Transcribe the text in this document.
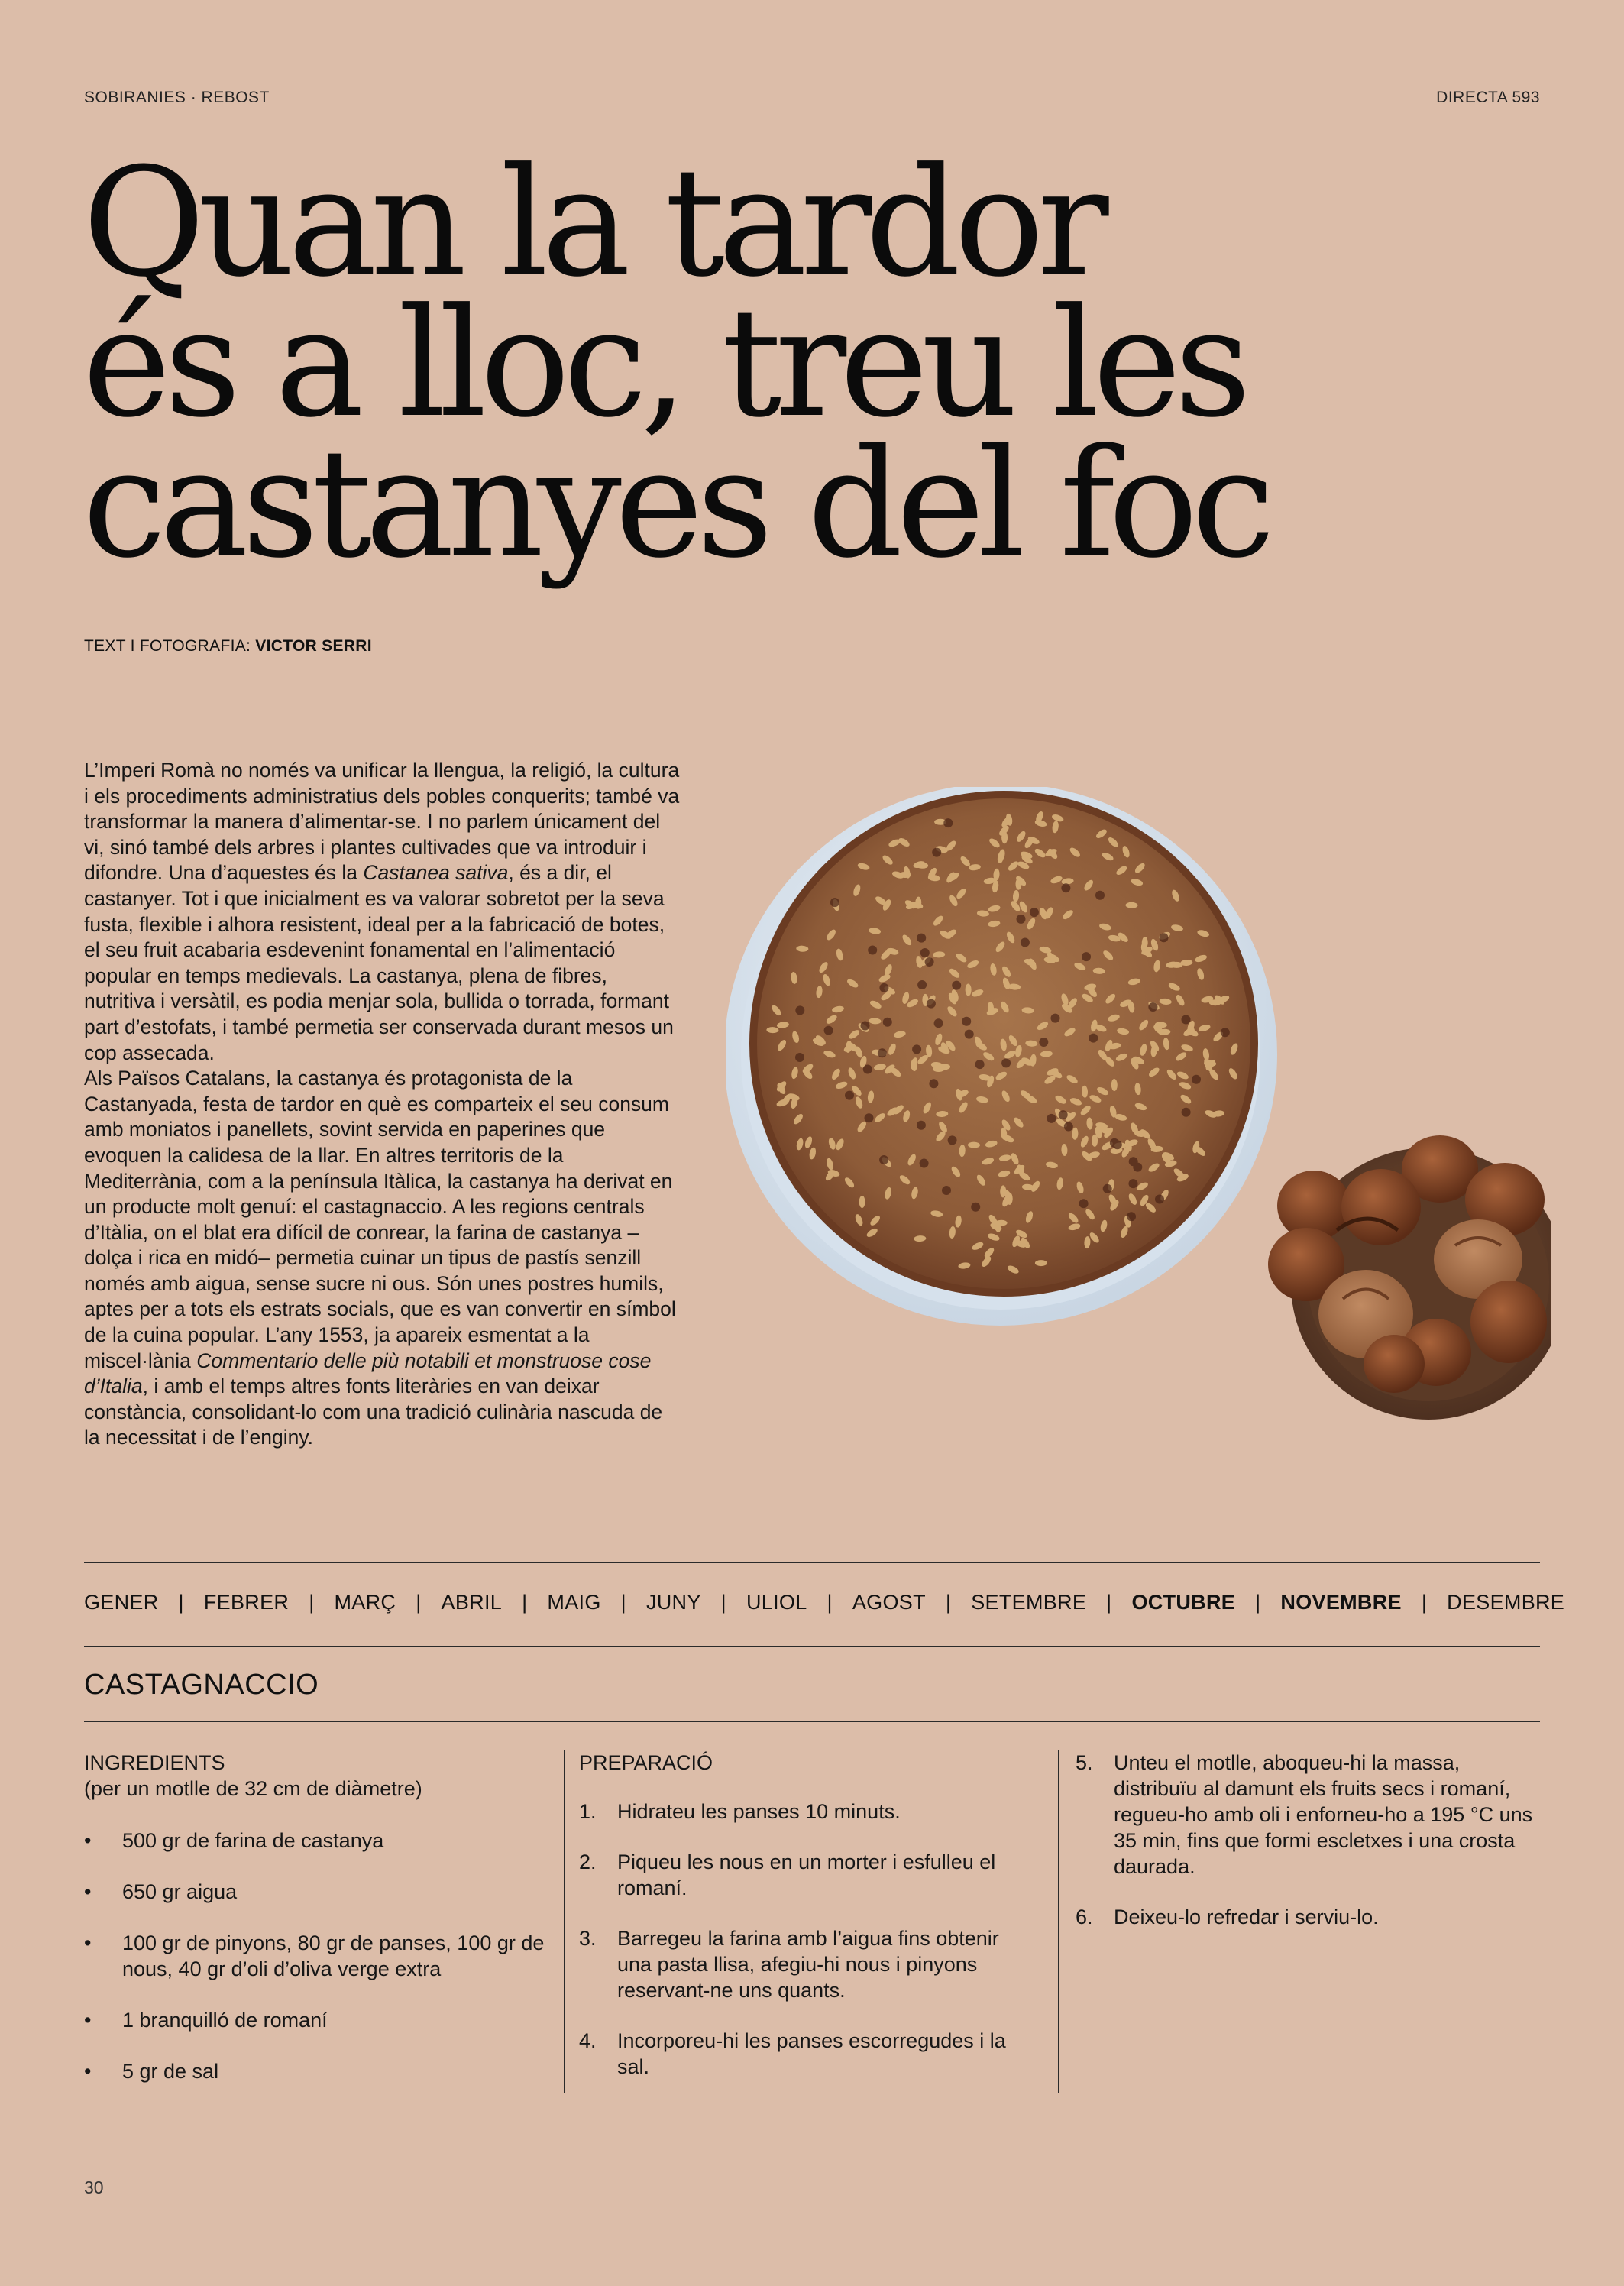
SOBIRANIES · REBOST	DIRECTA 593
Quan la tardor
és a lloc, treu les
castanyes del foc
TEXT I FOTOGRAFIA: VICTOR SERRI

L’Imperi Romà no només va unificar la llengua, la religió, la cultura i els procediments administratius dels pobles conquerits; també va transformar la manera d’alimentar-se. I no parlem únicament del vi, sinó també dels arbres i plantes cultivades que va introduir i difondre. Una d’aquestes és la Castanea sativa, és a dir, el castanyer. Tot i que inicialment es va valorar sobretot per la seva fusta, flexible i alhora resistent, ideal per a la fabricació de botes, el seu fruit acabaria esdevenint fonamental en l’alimentació popular en temps medievals. La castanya, plena de fibres, nutritiva i versàtil, es podia menjar sola, bullida o torrada, formant part d’estofats, i també permetia ser conservada durant mesos un cop assecada.

Als Països Catalans, la castanya és protagonista de la Castanyada, festa de tardor en què es comparteix el seu consum amb moniatos i panellets, sovint servida en paperines que evoquen la calidesa de la llar. En altres territoris de la Mediterrània, com a la península Itàlica, la castanya ha derivat en un producte molt genuí: el castagnaccio. A les regions centrals d’Itàlia, on el blat era difícil de conrear, la farina de castanya –dolça i rica en midó– permetia cuinar un tipus de pastís senzill només amb aigua, sense sucre ni ous. Són unes postres humils, aptes per a tots els estrats socials, que es van convertir en símbol de la cuina popular. L’any 1553, ja apareix esmentat a la miscel·lània Commentario delle più notabili et monstruose cose d’Italia, i amb el temps altres fonts literàries en van deixar constància, consolidant-lo com una tradició culinària nascuda de la necessitat i de l’enginy.

GENER | FEBRER | MARÇ | ABRIL | MAIG | JUNY | ULIOL | AGOST | SETEMBRE | OCTUBRE | NOVEMBRE | DESEMBRE
CASTAGNACCIO
INGREDIENTS
(per un motlle de 32 cm de diàmetre)
• 500 gr de farina de castanya
• 650 gr aigua
• 100 gr de pinyons, 80 gr de panses, 100 gr de nous, 40 gr d’oli d’oliva verge extra
• 1 branquilló de romaní
• 5 gr de sal
PREPARACIÓ
1. Hidrateu les panses 10 minuts.
2. Piqueu les nous en un morter i esfulleu el romaní.
3. Barregeu la farina amb l’aigua fins obtenir una pasta llisa, afegiu-hi nous i pinyons reservant-ne uns quants.
4. Incorporeu-hi les panses escorregudes i la sal.
5. Unteu el motlle, aboqueu-hi la massa, distribuïu al damunt els fruits secs i romaní, regueu-ho amb oli i enforneu-ho a 195 °C uns 35 min, fins que formi escletxes i una crosta daurada.
6. Deixeu-lo refredar i serviu-lo.
30
